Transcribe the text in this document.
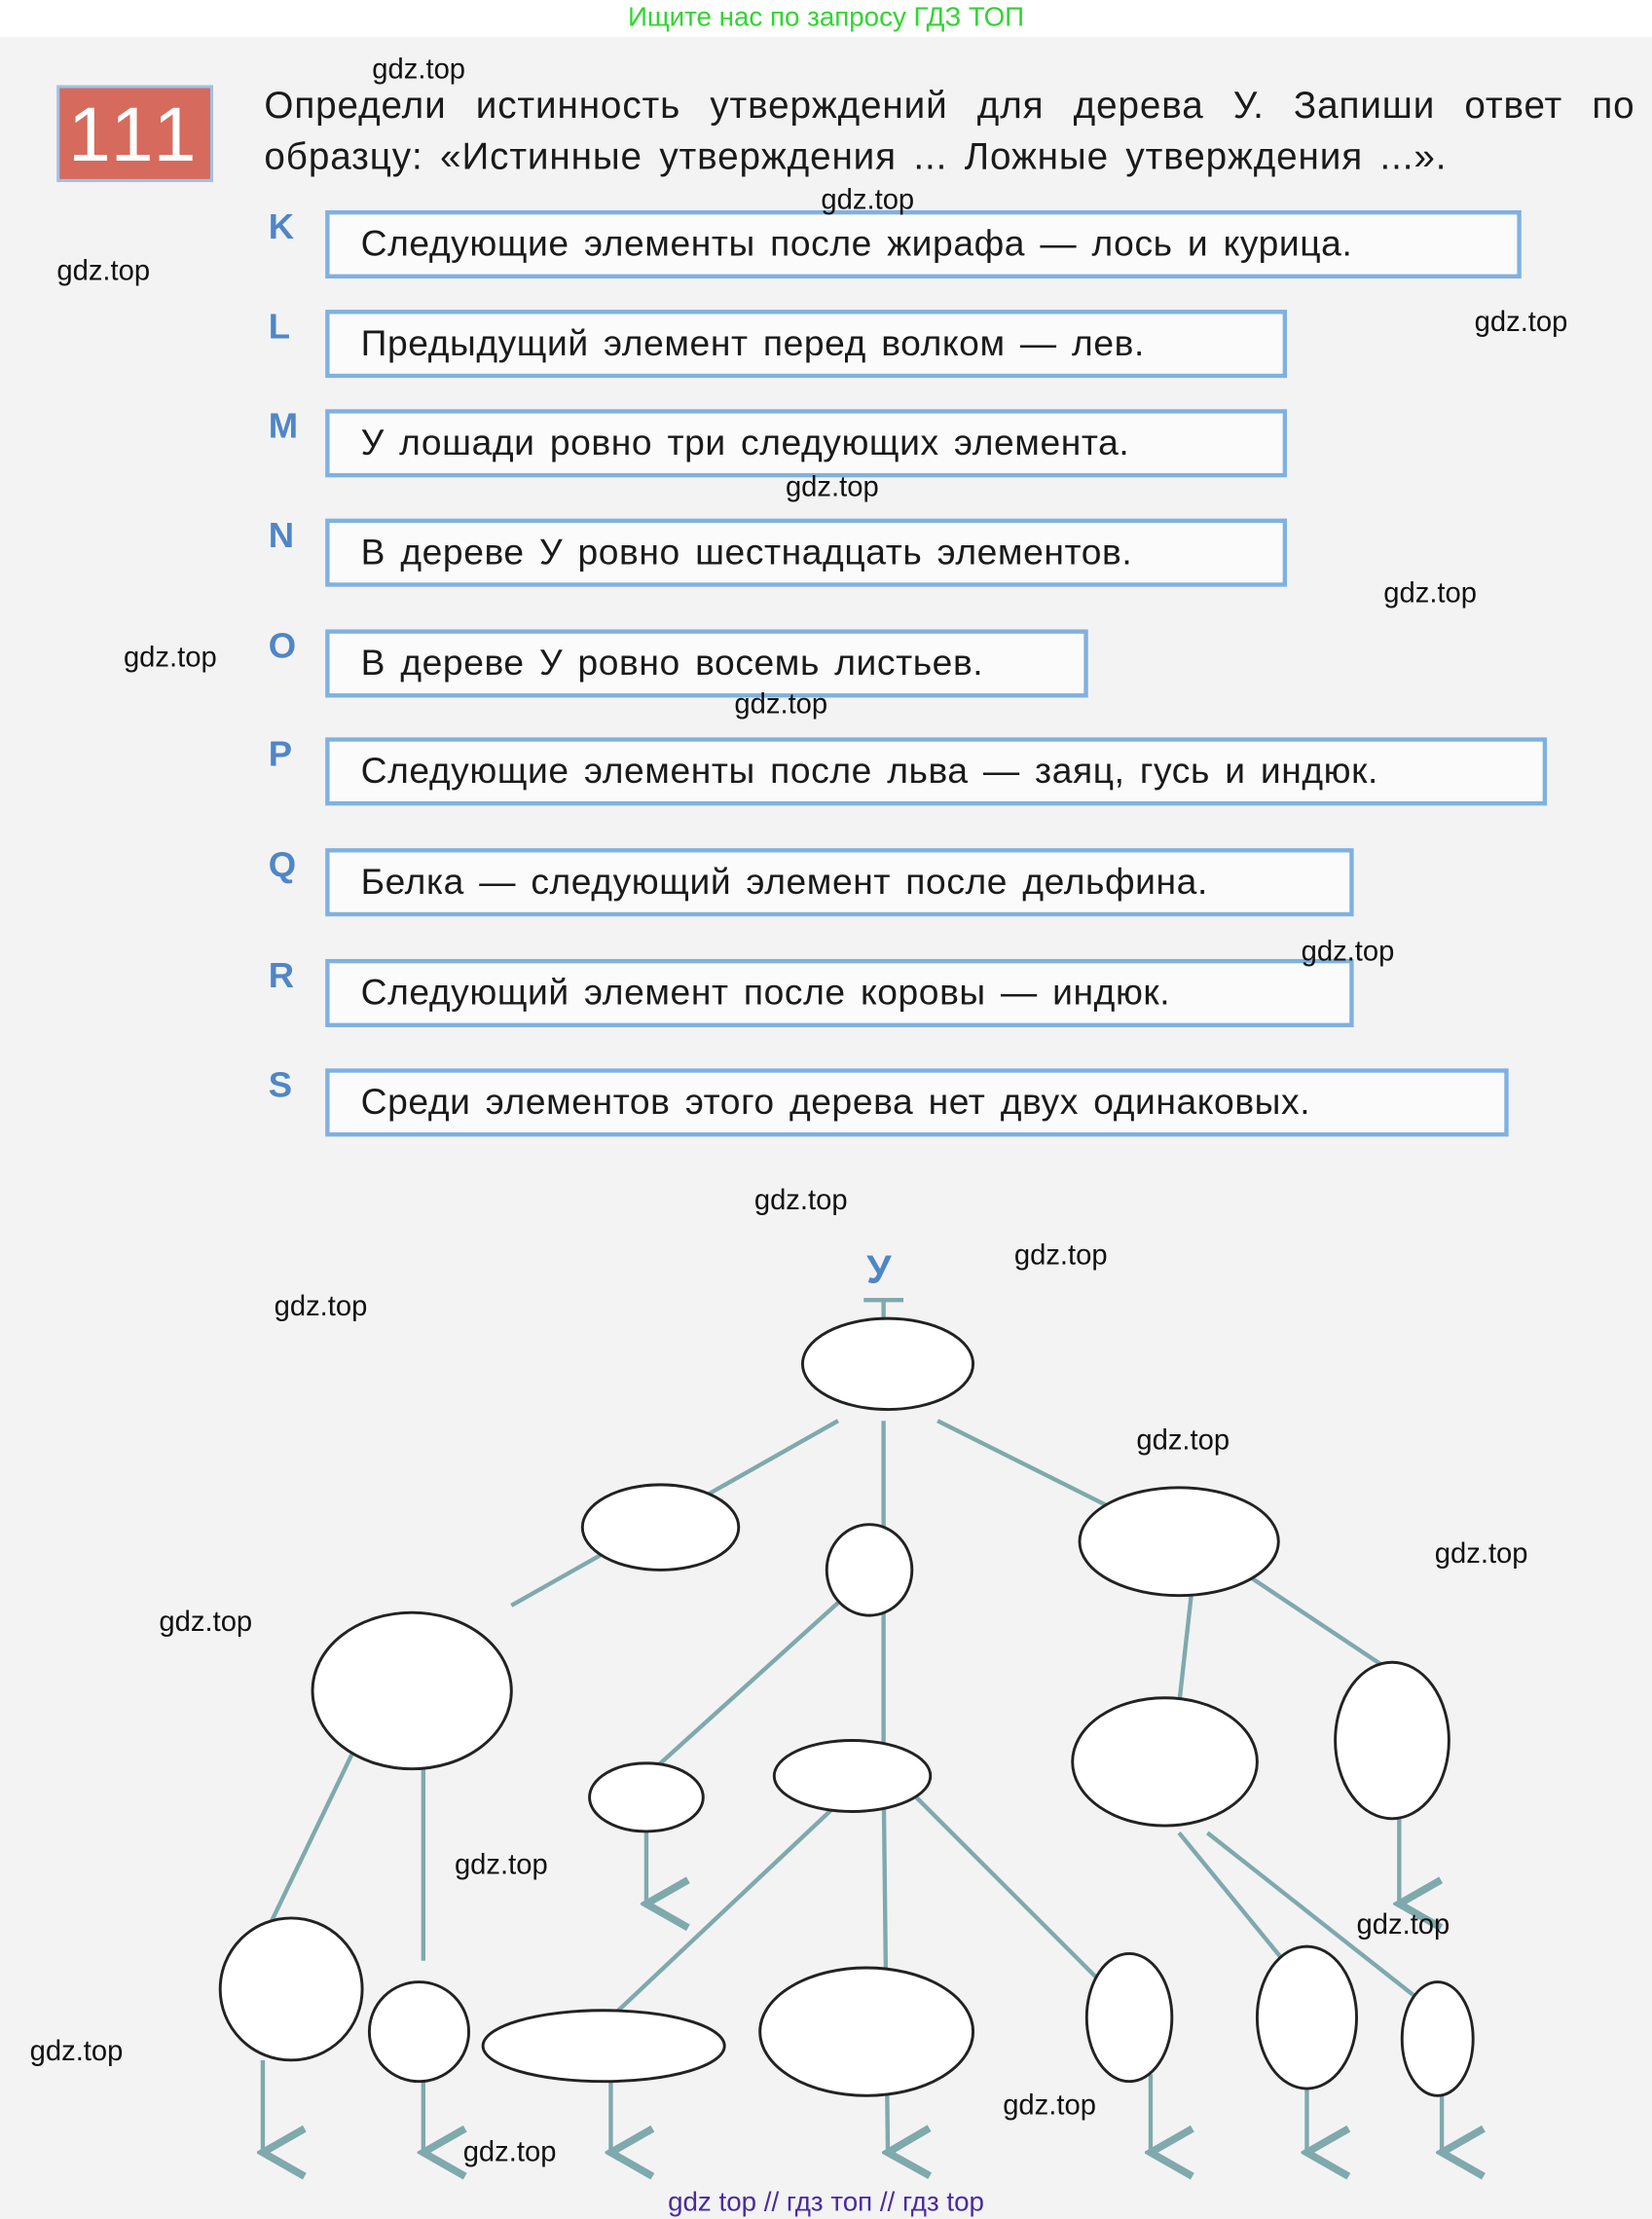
Ищите нас по запросу ГДЗ ТОП
111	Определи истинность утверждений для дерева У. Запиши ответ по образцу: «Истинные утверждения ... Ложные утверждения ...».
K	Следующие элементы после жирафа — лось и курица.
L	Предыдущий элемент перед волком — лев.
M	У лошади ровно три следующих элемента.
N	В дереве У ровно шестнадцать элементов.
O	В дереве У ровно восемь листьев.
P	Следующие элементы после льва — заяц, гусь и индюк.
Q	Белка — следующий элемент после дельфина.
R	Следующий элемент после коровы — индюк.
S	Среди элементов этого дерева нет двух одинаковых.
У
gdz.top
gdz.top
gdz.top
gdz.top
gdz.top
gdz.top
gdz.top
gdz.top
gdz.top
gdz.top
gdz.top
gdz.top
gdz.top
gdz.top
gdz.top
gdz.top
gdz.top
gdz.top
gdz.top
gdz.top
gdz top // гдз топ // гдз top
